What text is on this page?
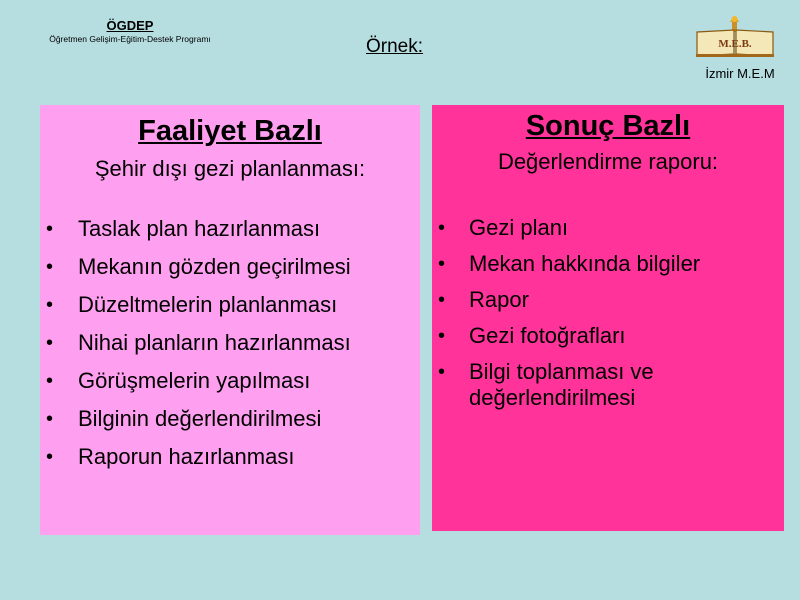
ÖGDEP
Öğretmen Gelişim-Eğitim-Destek Programı	Örnek:	M.E.B.
İzmir M.E.M
Faaliyet Bazlı
Şehir dışı gezi planlanması:
• Taslak plan hazırlanması
• Mekanın gözden geçirilmesi
• Düzeltmelerin planlanması
• Nihai planların hazırlanması
• Görüşmelerin yapılması
• Bilginin değerlendirilmesi
• Raporun hazırlanması
Sonuç Bazlı
Değerlendirme raporu:
• Gezi planı
• Mekan hakkında bilgiler
• Rapor
• Gezi fotoğrafları
• Bilgi toplanması ve değerlendirilmesi
